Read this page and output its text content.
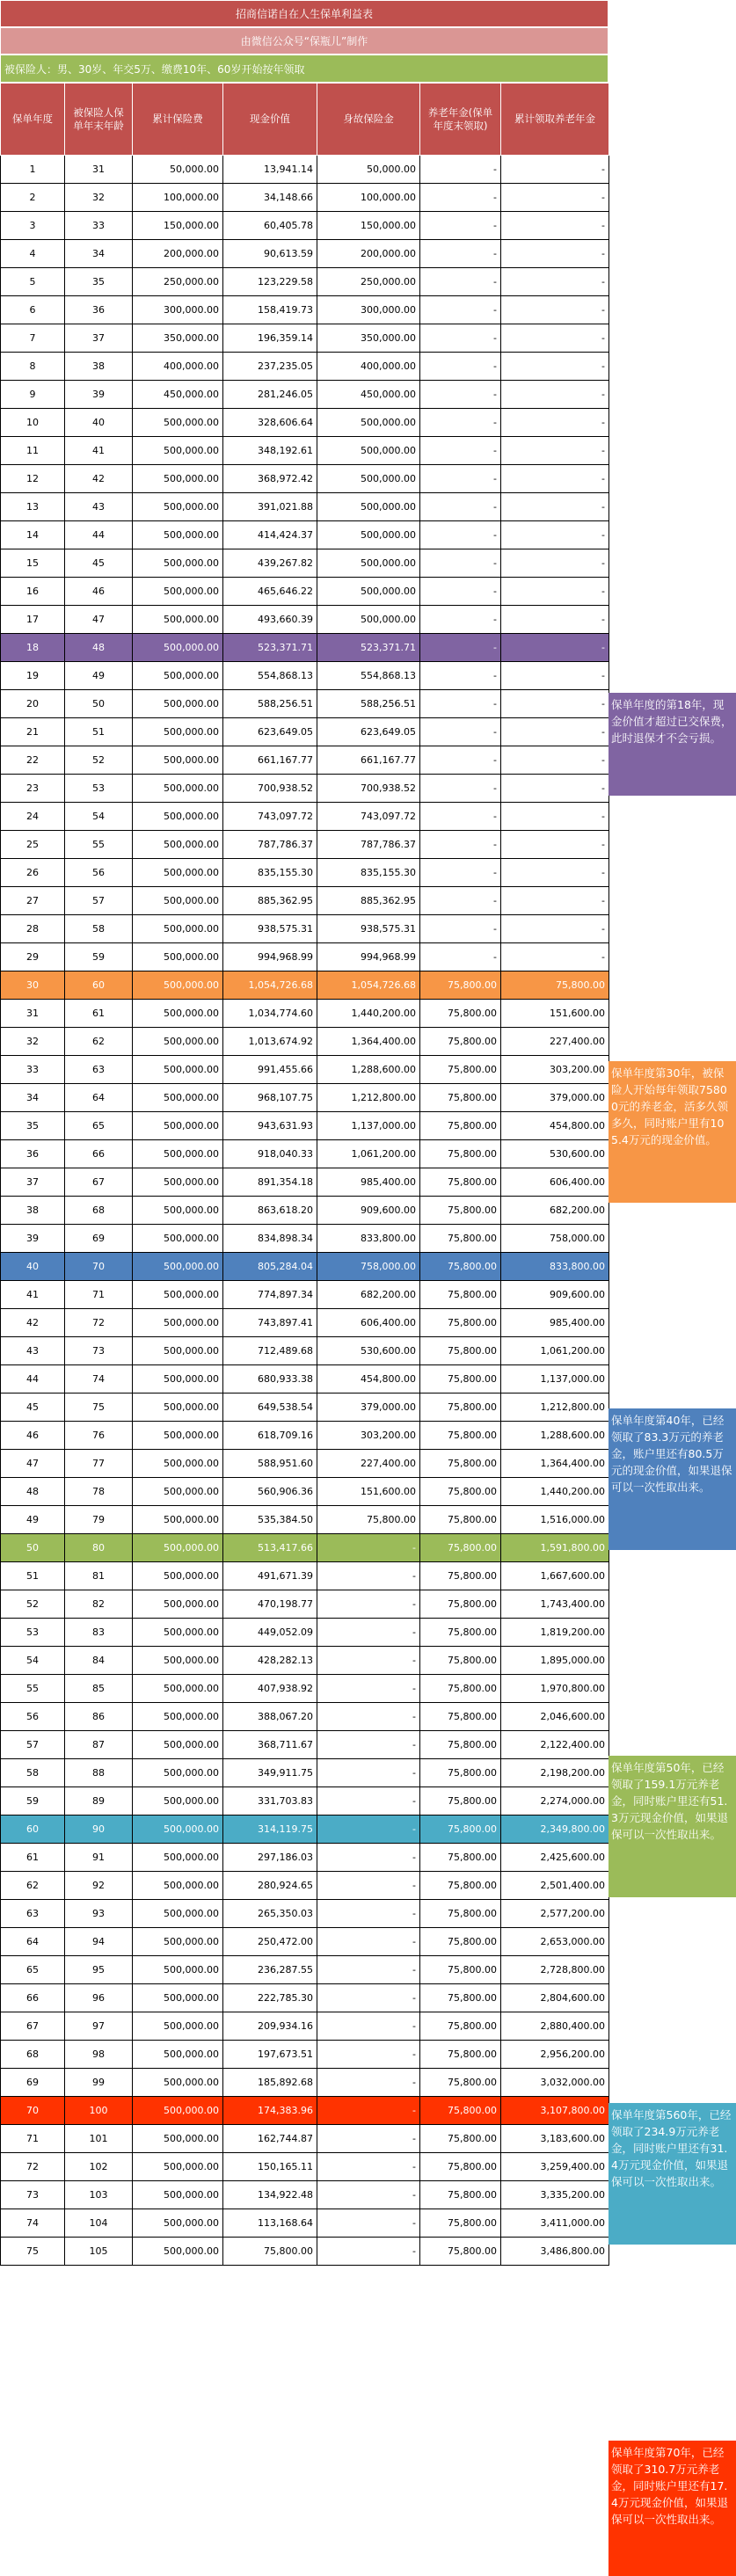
招商信诺自在人生保单利益表
由微信公众号“保瓶儿”制作
被保险人：男、30岁、年交5万、缴费10年、60岁开始按年领取
保单年度	被保险人保单年末年龄	累计保险费	现金价值	身故保险金	养老年金(保单年度末领取)	累计领取养老年金
1	31	50,000.00	13,941.14	50,000.00	-	-
2	32	100,000.00	34,148.66	100,000.00	-	-
3	33	150,000.00	60,405.78	150,000.00	-	-
4	34	200,000.00	90,613.59	200,000.00	-	-
5	35	250,000.00	123,229.58	250,000.00	-	-
6	36	300,000.00	158,419.73	300,000.00	-	-
7	37	350,000.00	196,359.14	350,000.00	-	-
8	38	400,000.00	237,235.05	400,000.00	-	-
9	39	450,000.00	281,246.05	450,000.00	-	-
10	40	500,000.00	328,606.64	500,000.00	-	-
11	41	500,000.00	348,192.61	500,000.00	-	-
12	42	500,000.00	368,972.42	500,000.00	-	-
13	43	500,000.00	391,021.88	500,000.00	-	-
14	44	500,000.00	414,424.37	500,000.00	-	-
15	45	500,000.00	439,267.82	500,000.00	-	-
16	46	500,000.00	465,646.22	500,000.00	-	-
17	47	500,000.00	493,660.39	500,000.00	-	-
18	48	500,000.00	523,371.71	523,371.71	-	-
19	49	500,000.00	554,868.13	554,868.13	-	-
20	50	500,000.00	588,256.51	588,256.51	-	-
21	51	500,000.00	623,649.05	623,649.05	-	-
22	52	500,000.00	661,167.77	661,167.77	-	-
23	53	500,000.00	700,938.52	700,938.52	-	-
24	54	500,000.00	743,097.72	743,097.72	-	-
25	55	500,000.00	787,786.37	787,786.37	-	-
26	56	500,000.00	835,155.30	835,155.30	-	-
27	57	500,000.00	885,362.95	885,362.95	-	-
28	58	500,000.00	938,575.31	938,575.31	-	-
29	59	500,000.00	994,968.99	994,968.99	-	-
30	60	500,000.00	1,054,726.68	1,054,726.68	75,800.00	75,800.00
31	61	500,000.00	1,034,774.60	1,440,200.00	75,800.00	151,600.00
32	62	500,000.00	1,013,674.92	1,364,400.00	75,800.00	227,400.00
33	63	500,000.00	991,455.66	1,288,600.00	75,800.00	303,200.00
34	64	500,000.00	968,107.75	1,212,800.00	75,800.00	379,000.00
35	65	500,000.00	943,631.93	1,137,000.00	75,800.00	454,800.00
36	66	500,000.00	918,040.33	1,061,200.00	75,800.00	530,600.00
37	67	500,000.00	891,354.18	985,400.00	75,800.00	606,400.00
38	68	500,000.00	863,618.20	909,600.00	75,800.00	682,200.00
39	69	500,000.00	834,898.34	833,800.00	75,800.00	758,000.00
40	70	500,000.00	805,284.04	758,000.00	75,800.00	833,800.00
41	71	500,000.00	774,897.34	682,200.00	75,800.00	909,600.00
42	72	500,000.00	743,897.41	606,400.00	75,800.00	985,400.00
43	73	500,000.00	712,489.68	530,600.00	75,800.00	1,061,200.00
44	74	500,000.00	680,933.38	454,800.00	75,800.00	1,137,000.00
45	75	500,000.00	649,538.54	379,000.00	75,800.00	1,212,800.00
46	76	500,000.00	618,709.16	303,200.00	75,800.00	1,288,600.00
47	77	500,000.00	588,951.60	227,400.00	75,800.00	1,364,400.00
48	78	500,000.00	560,906.36	151,600.00	75,800.00	1,440,200.00
49	79	500,000.00	535,384.50	75,800.00	75,800.00	1,516,000.00
50	80	500,000.00	513,417.66	-	75,800.00	1,591,800.00
51	81	500,000.00	491,671.39	-	75,800.00	1,667,600.00
52	82	500,000.00	470,198.77	-	75,800.00	1,743,400.00
53	83	500,000.00	449,052.09	-	75,800.00	1,819,200.00
54	84	500,000.00	428,282.13	-	75,800.00	1,895,000.00
55	85	500,000.00	407,938.92	-	75,800.00	1,970,800.00
56	86	500,000.00	388,067.20	-	75,800.00	2,046,600.00
57	87	500,000.00	368,711.67	-	75,800.00	2,122,400.00
58	88	500,000.00	349,911.75	-	75,800.00	2,198,200.00
59	89	500,000.00	331,703.83	-	75,800.00	2,274,000.00
60	90	500,000.00	314,119.75	-	75,800.00	2,349,800.00
61	91	500,000.00	297,186.03	-	75,800.00	2,425,600.00
62	92	500,000.00	280,924.65	-	75,800.00	2,501,400.00
63	93	500,000.00	265,350.03	-	75,800.00	2,577,200.00
64	94	500,000.00	250,472.00	-	75,800.00	2,653,000.00
65	95	500,000.00	236,287.55	-	75,800.00	2,728,800.00
66	96	500,000.00	222,785.30	-	75,800.00	2,804,600.00
67	97	500,000.00	209,934.16	-	75,800.00	2,880,400.00
68	98	500,000.00	197,673.51	-	75,800.00	2,956,200.00
69	99	500,000.00	185,892.68	-	75,800.00	3,032,000.00
70	100	500,000.00	174,383.96	-	75,800.00	3,107,800.00
71	101	500,000.00	162,744.87	-	75,800.00	3,183,600.00
72	102	500,000.00	150,165.11	-	75,800.00	3,259,400.00
73	103	500,000.00	134,922.48	-	75,800.00	3,335,200.00
74	104	500,000.00	113,168.64	-	75,800.00	3,411,000.00
75	105	500,000.00	75,800.00	-	75,800.00	3,486,800.00
保单年度的第18年，现金价值才超过已交保费，此时退保才不会亏损。
保单年度第30年，被保险人开始每年领取75800元的养老金，活多久领多久，同时账户里有105.4万元的现金价值。
保单年度第40年，已经领取了83.3万元的养老金，账户里还有80.5万元的现金价值，如果退保可以一次性取出来。
保单年度第50年，已经领取了159.1万元养老金，同时账户里还有51.3万元现金价值，如果退保可以一次性取出来。
保单年度第560年，已经领取了234.9万元养老金，同时账户里还有31.4万元现金价值，如果退保可以一次性取出来。
保单年度第70年，已经领取了310.7万元养老金，同时账户里还有17.4万元现金价值，如果退保可以一次性取出来。
